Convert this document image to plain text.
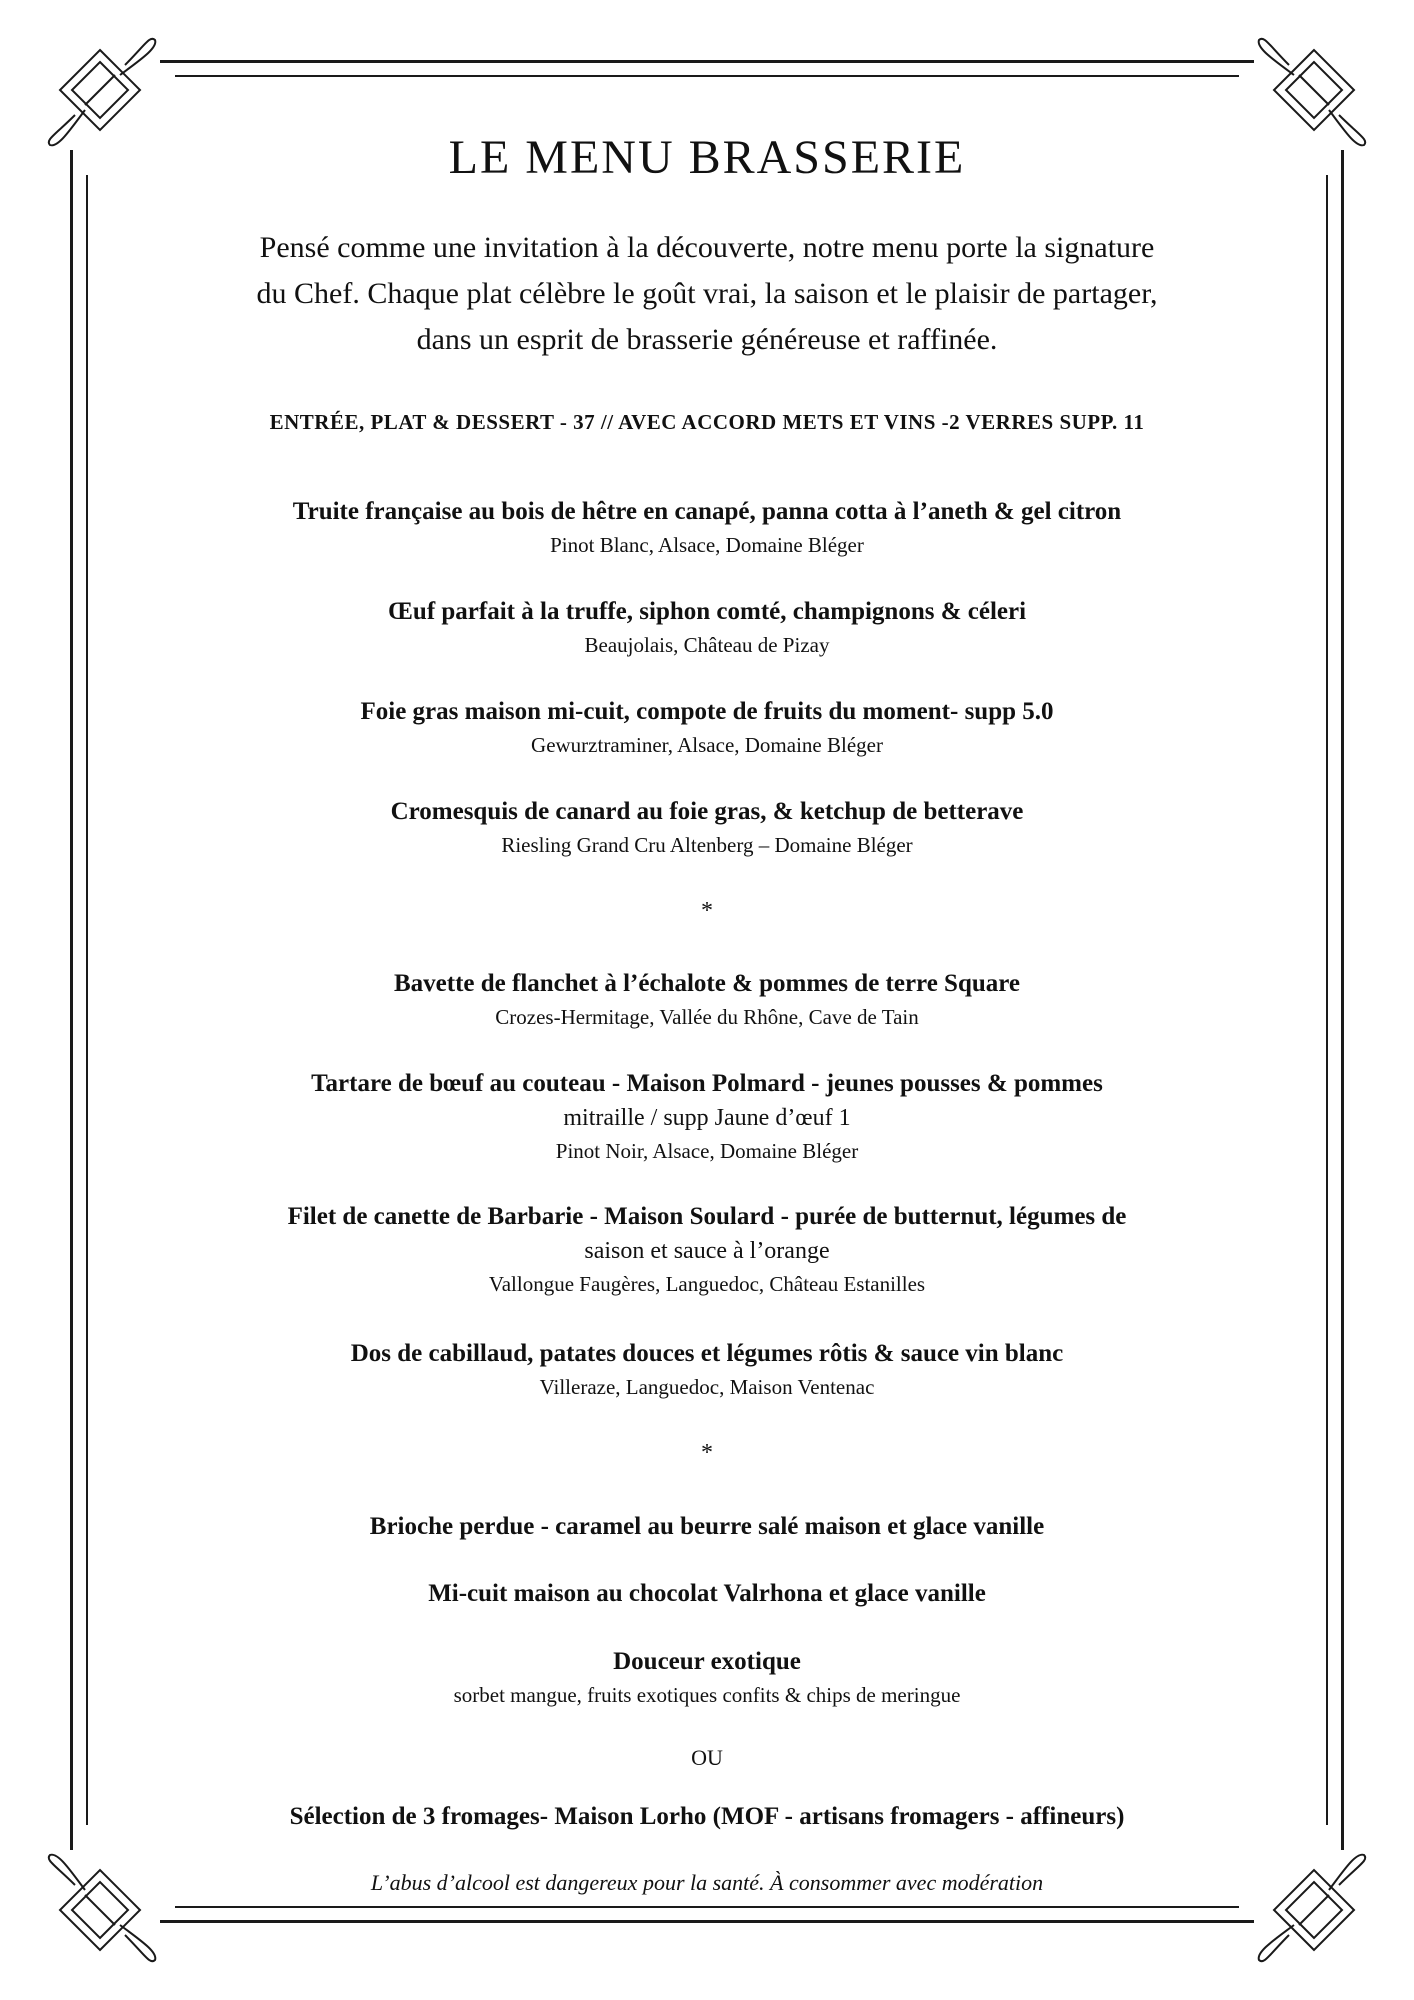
LE MENU BRASSERIE

Pensé comme une invitation à la découverte, notre menu porte la signature
du Chef. Chaque plat célèbre le goût vrai, la saison et le plaisir de partager,
dans un esprit de brasserie généreuse et raffinée.

ENTRÉE, PLAT & DESSERT - 37 // AVEC ACCORD METS ET VINS -2 VERRES SUPP. 11

Truite française au bois de hêtre en canapé, panna cotta à l’aneth & gel citron
Pinot Blanc, Alsace, Domaine Bléger
Œuf parfait à la truffe, siphon comté, champignons & céleri
Beaujolais, Château de Pizay
Foie gras maison mi-cuit, compote de fruits du moment- supp 5.0
Gewurztraminer, Alsace, Domaine Bléger
Cromesquis de canard au foie gras, & ketchup de betterave
Riesling Grand Cru Altenberg – Domaine Bléger
*
Bavette de flanchet à l’échalote & pommes de terre Square
Crozes-Hermitage, Vallée du Rhône, Cave de Tain
Tartare de bœuf au couteau - Maison Polmard - jeunes pousses & pommes
mitraille / supp Jaune d’œuf 1
Pinot Noir, Alsace, Domaine Bléger
Filet de canette de Barbarie - Maison Soulard - purée de butternut, légumes de
saison et sauce à l’orange
Vallongue Faugères, Languedoc, Château Estanilles
Dos de cabillaud, patates douces et légumes rôtis & sauce vin blanc
Villeraze, Languedoc, Maison Ventenac
*
Brioche perdue - caramel au beurre salé maison et glace vanille
Mi-cuit maison au chocolat Valrhona et glace vanille
Douceur exotique
sorbet mangue, fruits exotiques confits & chips de meringue
OU
Sélection de 3 fromages- Maison Lorho (MOF - artisans fromagers - affineurs)
L’abus d’alcool est dangereux pour la santé. À consommer avec modération
